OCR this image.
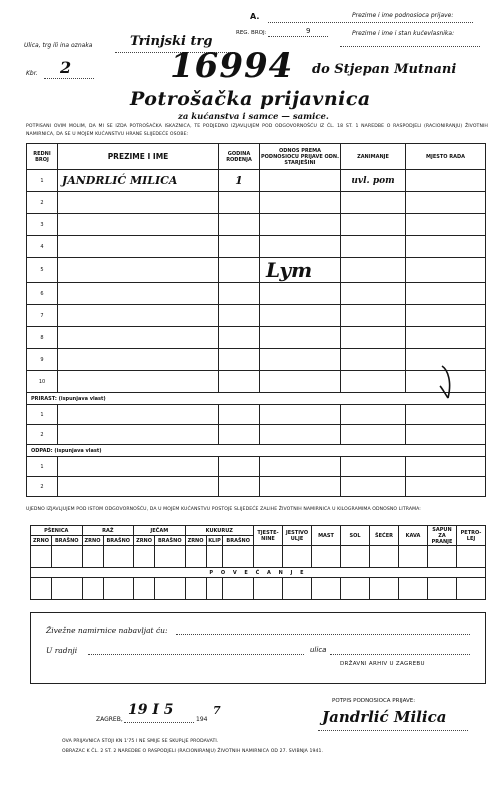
A.	Prezime i ime podnosioca prijave:
REG. BROJ:	9	Prezime i ime i stan kućevlasnika:
Ulica, trg ili ina oznaka	Trinjski trg
Kbr. 2	16994 do Stjepan Mutnani
Potrošačka prijavnica
za kućanstva i samce — samice.
POTPISANI OVIM MOLIM, DA MI SE IZDA POTROŠAČKA ISKAZNICA, TE PODJEDNO IZJAVLJUJEM POD ODGOVORNOŠĆU IZ ČL. 18 ST. 1 NAREDBE O RASPODJELI (RACIONIRANJU) ŽIVOTNIH NAMIRNICA, DA SE U MOJEM KUĆANSTVU HRANE SLIJEDEĆE OSOBE:
REDNI BROJ	PREZIME I IME	GODINA ROĐENJA	ODNOS PREMA PODNOSIOCU PRIJAVE ODN. STARJEŠINI	ZANIMANJE	MJESTO RADA
1	JANDRLIĆ MILICA	1		uvl. pom	
2					
3					
4					
5			Lym		
6					
7					
8					
9					
10					
PRIRAST: (ispunjava vlast)					
1					
2					
ODPAD: (ispunjava vlast)					
1					
2					
UJEDNO IZJAVLJUJEM POD ISTOM ODGOVORNOŠĆU, DA U MOJEM KUĆANSTVU POSTOJE SLIJEDEĆE ZALIHE ŽIVOTNIH NAMIRNICA U KILOGRAMIMA ODNOSNO LITRAMA:
PŠENICA		RAŽ		JEČAM		KUKURUZ			TJESTE-NINE	JESTIVO ULJE	MAST	SOL	ŠEĆER	KAVA	SAPUN ZA PRANJE	PETRO-LEJ
ZRNO	BRAŠNO	ZRNO	BRAŠNO	ZRNO	BRAŠNO	ZRNO	KLIP	BRAŠNO								

P O V E Ć A N J E																

Živežne namirnice nabavljat ću:
U radnji	ulica
DRŽAVNI ARHIV U ZAGREBU
ZAGREB,
19 I 5
194
7
POTPIS PODNOSIOCA PRIJAVE:
Jandrlić Milica
OVA PRIJAVNICA STOJI KN 1'75 I NE SMIJE SE SKUPLJE PRODAVATI.
OBRAZAC K ČL. 2 ST. 2 NAREDBE O RASPODJELI (RACIONIRANJU) ŽIVOTNIH NAMIRNICA OD 27. SVIBNJA 1941.
